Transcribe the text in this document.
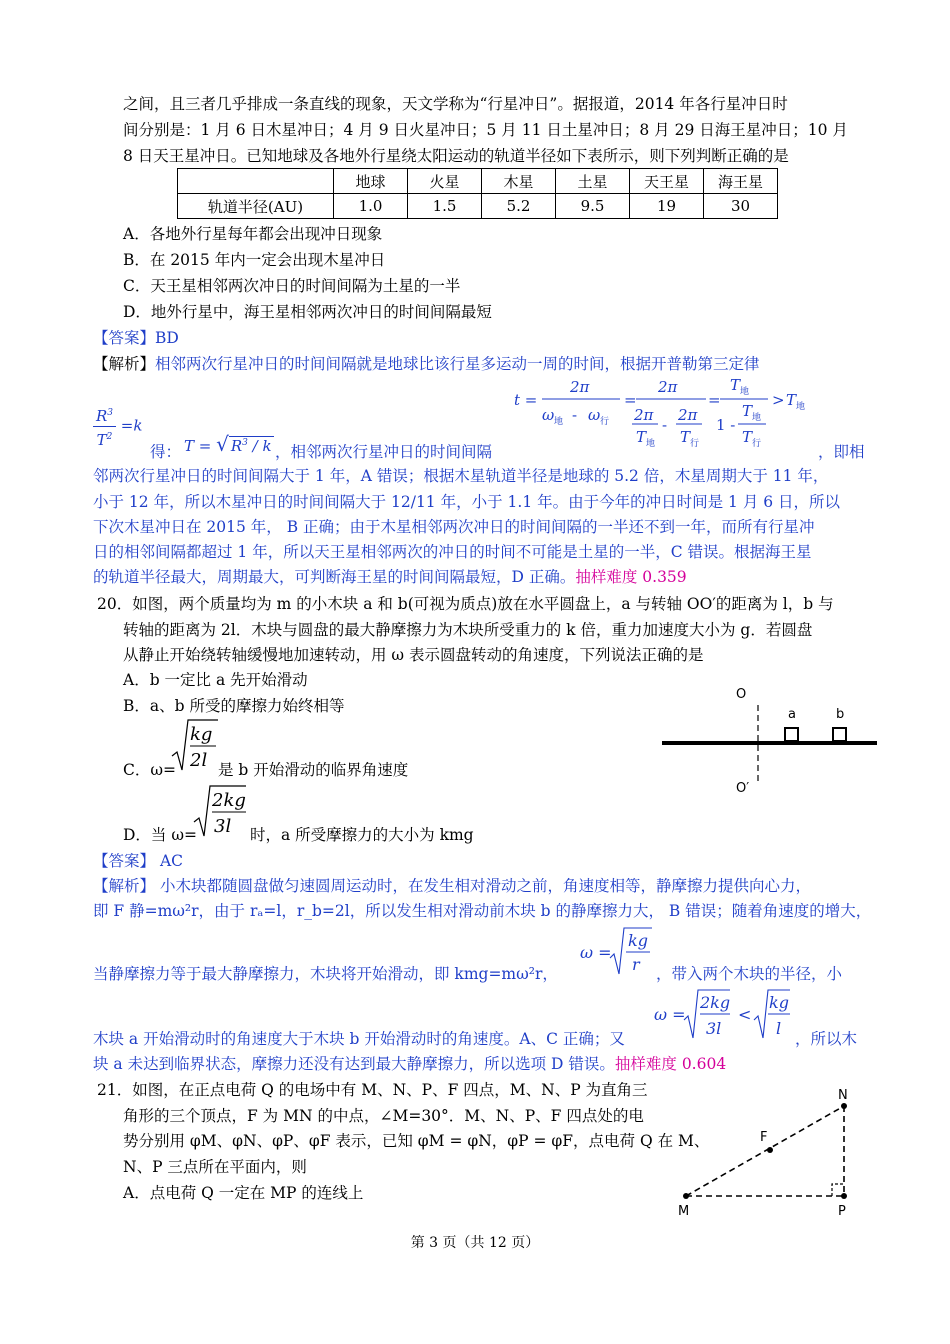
之间，且三者几乎排成一条直线的现象，天文学称为“行星冲日”。据报道，2014 年各行星冲日时
间分别是：1 月 6 日木星冲日；4 月 9 日火星冲日；5 月 11 日土星冲日；8 月 29 日海王星冲日；10 月
8 日天王星冲日。已知地球及各地外行星绕太阳运动的轨道半径如下表所示，则下列判断正确的是
	地球	火星	木星	土星	天王星	海王星
轨道半径(AU)	1.0	1.5	5.2	9.5	19	30
A．各地外行星每年都会出现冲日现象
B．在 2015 年内一定会出现木星冲日
C．天王星相邻两次冲日的时间间隔为土星的一半
D．地外行星中，海王星相邻两次冲日的时间间隔最短
【答案】BD
【解析】相邻两次行星冲日的时间间隔就是地球比该行星多运动一周的时间，根据开普勒第三定律
$\frac{R^3}{T^2} =k$
得： T = √ $R^3$ / k ，相邻两次行星冲日的时间间隔
t =
2π
ω 地 - ω 行
=
2π
2π
T 地
-
2π
T 行
=
T 地
1 -
T 地
T 行
> T 地
，即相
邻两次行星冲日的时间间隔大于 1 年，A 错误；根据木星轨道半径是地球的 5.2 倍，木星周期大于 11 年，
小于 12 年，所以木星冲日的时间间隔大于 12/11 年，小于 1.1 年。由于今年的冲日时间是 1 月 6 日，所以
下次木星冲日在 2015 年， B 正确；由于木星相邻两次冲日的时间间隔的一半还不到一年，而所有行星冲
日的相邻间隔都超过 1 年，所以天王星相邻两次的冲日的时间不可能是土星的一半，C 错误。根据海王星
的轨道半径最大，周期最大，可判断海王星的时间间隔最短，D 正确。抽样难度 0.359
20．如图，两个质量均为 m 的小木块 a 和 b(可视为质点)放在水平圆盘上，a 与转轴 OO′的距离为 l，b 与
转轴的距离为 2l．木块与圆盘的最大静摩擦力为木块所受重力的 k 倍，重力加速度大小为 g．若圆盘
从静止开始绕转轴缓慢地加速转动，用 ω 表示圆盘转动的角速度，下列说法正确的是
A．b 一定比 a 先开始滑动
B．a、b 所受的摩擦力始终相等
C．ω=
kg
2l 是 b 开始滑动的临界角速度
D．当 ω=
2kg
3l 时，a 所受摩擦力的大小为 kmg
O
O′
a	b
【答案】 AC
【解析】 小木块都随圆盘做匀速圆周运动时，在发生相对滑动之前，角速度相等，静摩擦力提供向心力，
即 F 静=mω²r，由于 rₐ=l，r_b=2l，所以发生相对滑动前木块 b 的静摩擦力大， B 错误；随着角速度的增大，
当静摩擦力等于最大静摩擦力，木块将开始滑动，即 kmg=mω²r，
ω =
kg
r ，带入两个木块的半径，小
木块 a 开始滑动时的角速度大于木块 b 开始滑动时的角速度。A、C 正确；又
ω =
2kg
3l
<
kg
l
，所以木
块 a 未达到临界状态，摩擦力还没有达到最大静摩擦力，所以选项 D 错误。抽样难度 0.604
21．如图，在正点电荷 Q 的电场中有 M、N、P、F 四点，M、N、P 为直角三
角形的三个顶点，F 为 MN 的中点，∠M=30°．M、N、P、F 四点处的电
势分别用 φM、φN、φP、φF 表示，已知 φM = φN，φP = φF，点电荷 Q 在 M、
N、P 三点所在平面内，则
A．点电荷 Q 一定在 MP 的连线上
N
F
M	P
第 3 页（共 12 页）
